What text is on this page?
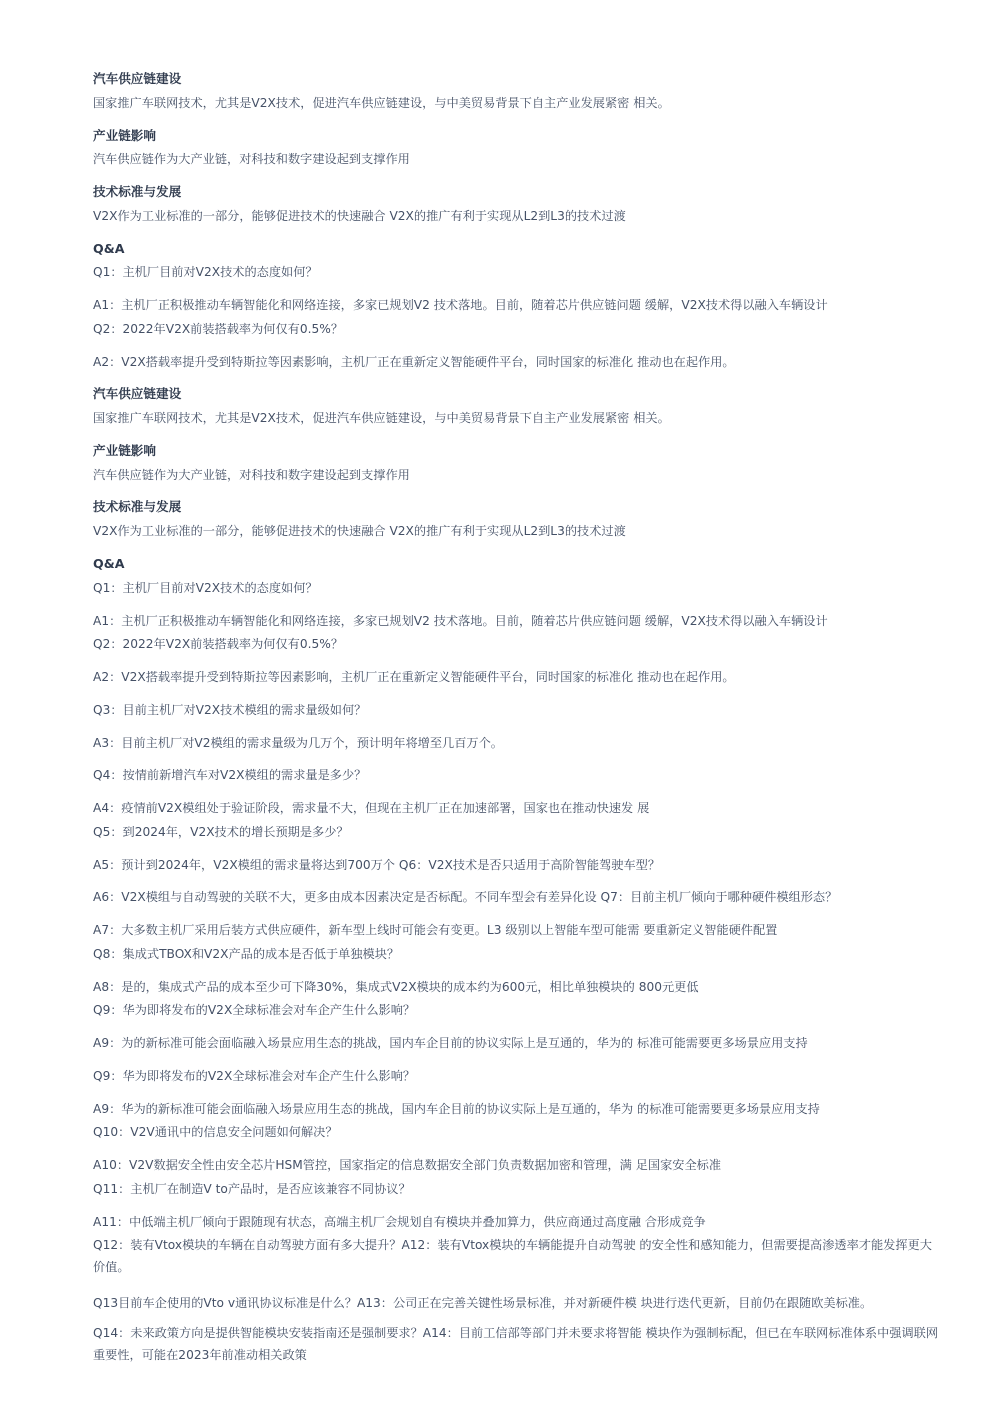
汽车供应链建设
国家推广车联网技术，尤其是V2X技术，促进汽车供应链建设，与中美贸易背景下自主产业发展紧密 相关。
产业链影响
汽车供应链作为大产业链，对科技和数字建设起到支撑作用
技术标准与发展
V2X作为工业标准的一部分，能够促进技术的快速融合 V2X的推广有利于实现从L2到L3的技术过渡
Q&A
Q1：主机厂目前对V2X技术的态度如何？
A1：主机厂正积极推动车辆智能化和网络连接，多家已规划V2 技术落地。目前，随着芯片供应链问题 缓解，V2X技术得以融入车辆设计
Q2：2022年V2X前装搭载率为何仅有0.5%？
A2：V2X搭载率提升受到特斯拉等因素影响，主机厂正在重新定义智能硬件平台，同时国家的标准化 推动也在起作用。
汽车供应链建设
国家推广车联网技术，尤其是V2X技术，促进汽车供应链建设，与中美贸易背景下自主产业发展紧密 相关。
产业链影响
汽车供应链作为大产业链，对科技和数字建设起到支撑作用
技术标准与发展
V2X作为工业标准的一部分，能够促进技术的快速融合 V2X的推广有利于实现从L2到L3的技术过渡
Q&A
Q1：主机厂目前对V2X技术的态度如何？
A1：主机厂正积极推动车辆智能化和网络连接，多家已规划V2 技术落地。目前，随着芯片供应链问题 缓解，V2X技术得以融入车辆设计
Q2：2022年V2X前装搭载率为何仅有0.5%？
A2：V2X搭载率提升受到特斯拉等因素影响，主机厂正在重新定义智能硬件平台，同时国家的标准化 推动也在起作用。
Q3：目前主机厂对V2X技术模组的需求量级如何？
A3：目前主机厂对V2模组的需求量级为几万个，预计明年将增至几百万个。
Q4：按情前新增汽车对V2X模组的需求量是多少？
A4：疫情前V2X模组处于验证阶段，需求量不大，但现在主机厂正在加速部署，国家也在推动快速发 展
Q5：到2024年，V2X技术的增长预期是多少？
A5：预计到2024年，V2X模组的需求量将达到700万个 Q6：V2X技术是否只适用于高阶智能驾驶车型？
A6：V2X模组与自动驾驶的关联不大，更多由成本因素决定是否标配。不同车型会有差异化设 Q7：目前主机厂倾向于哪种硬件模组形态？
A7：大多数主机厂采用后装方式供应硬件，新车型上线时可能会有变更。L3 级别以上智能车型可能需 要重新定义智能硬件配置
Q8：集成式TBOX和V2X产品的成本是否低于单独模块？
A8：是的，集成式产品的成本至少可下降30%，集成式V2X模块的成本约为600元，相比单独模块的 800元更低
Q9：华为即将发布的V2X全球标准会对车企产生什么影响？
A9：为的新标准可能会面临融入场景应用生态的挑战，国内车企目前的协议实际上是互通的，华为的 标准可能需要更多场景应用支持
Q9：华为即将发布的V2X全球标准会对车企产生什么影响？
A9：华为的新标准可能会面临融入场景应用生态的挑战，国内车企目前的协议实际上是互通的，华为 的标准可能需要更多场景应用支持
Q10：V2V通讯中的信息安全问题如何解决？
A10：V2V数据安全性由安全芯片HSM管控，国家指定的信息数据安全部门负责数据加密和管理，满 足国家安全标准
Q11：主机厂在制造V to产品时，是否应该兼容不同协议？
A11：中低端主机厂倾向于跟随现有状态，高端主机厂会规划自有模块并叠加算力，供应商通过高度融 合形成竞争
Q12：装有Vtox模块的车辆在自动驾驶方面有多大提升？A12：装有Vtox模块的车辆能提升自动驾驶 的安全性和感知能力，但需要提高渗透率才能发挥更大价值。
Q13目前车企使用的Vto v通讯协议标准是什么？A13：公司正在完善关键性场景标准，并对新硬件模 块进行迭代更新，目前仍在跟随欧美标准。
Q14：未来政策方向是提供智能模块安装指南还是强制要求？A14：目前工信部等部门并未要求将智能 模块作为强制标配，但已在车联网标准体系中强调联网重要性，可能在2023年前准动相关政策
